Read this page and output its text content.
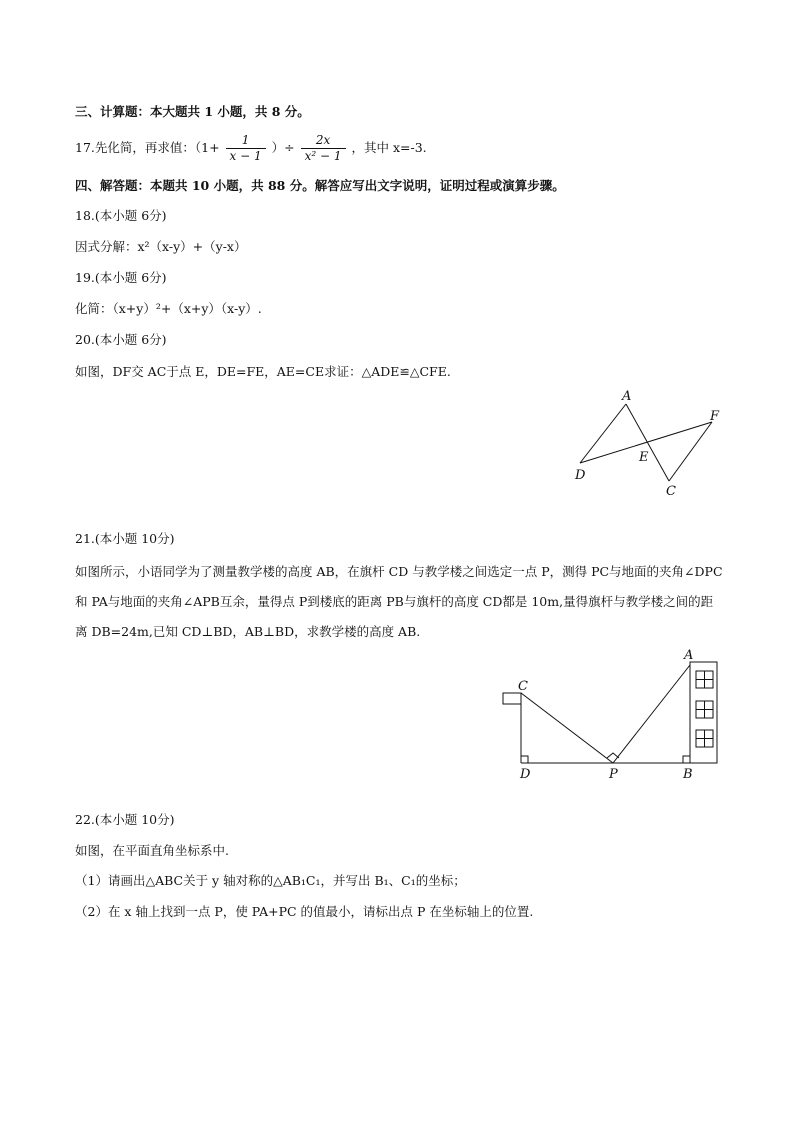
三、计算题：本大题共 1 小题，共 8 分。
17.先化简，再求值：（$1+ \frac{1}{x - 1}$ ）÷ $\frac{2x}{\text{x² − 1}}$ ，其中 x=-3.
四、解答题：本题共 10 小题，共 88 分。解答应写出文字说明，证明过程或演算步骤。
18.(本小题 6分)
因式分解：x²（x-y）+（y-x）
19.(本小题 6分)
化简：（x+y）²+（x+y）（x-y）.
20.(本小题 6分)
如图，DF交 AC于点 E，DE=FE，AE=CE求证：△ADE≌△CFE.
A
D
E
F
C
21.(本小题 10分)
如图所示，小语同学为了测量教学楼的高度 AB，在旗杆 CD 与教学楼之间选定一点 P，测得 PC与地面的夹角∠DPC和 PA与地面的夹角∠APB互余，量得点 P到楼底的距离 PB与旗杆的高度 CD都是 10m,量得旗杆与教学楼之间的距离 DB=24m,已知 CD⊥BD，AB⊥BD，求教学楼的高度 AB.
A
C
D	P	B
22.(本小题 10分)
如图，在平面直角坐标系中.
（1）请画出△ABC关于 y 轴对称的△AB₁C₁，并写出 B₁、C₁的坐标；
（2）在 x 轴上找到一点 P，使 PA+PC 的值最小，请标出点 P 在坐标轴上的位置.
